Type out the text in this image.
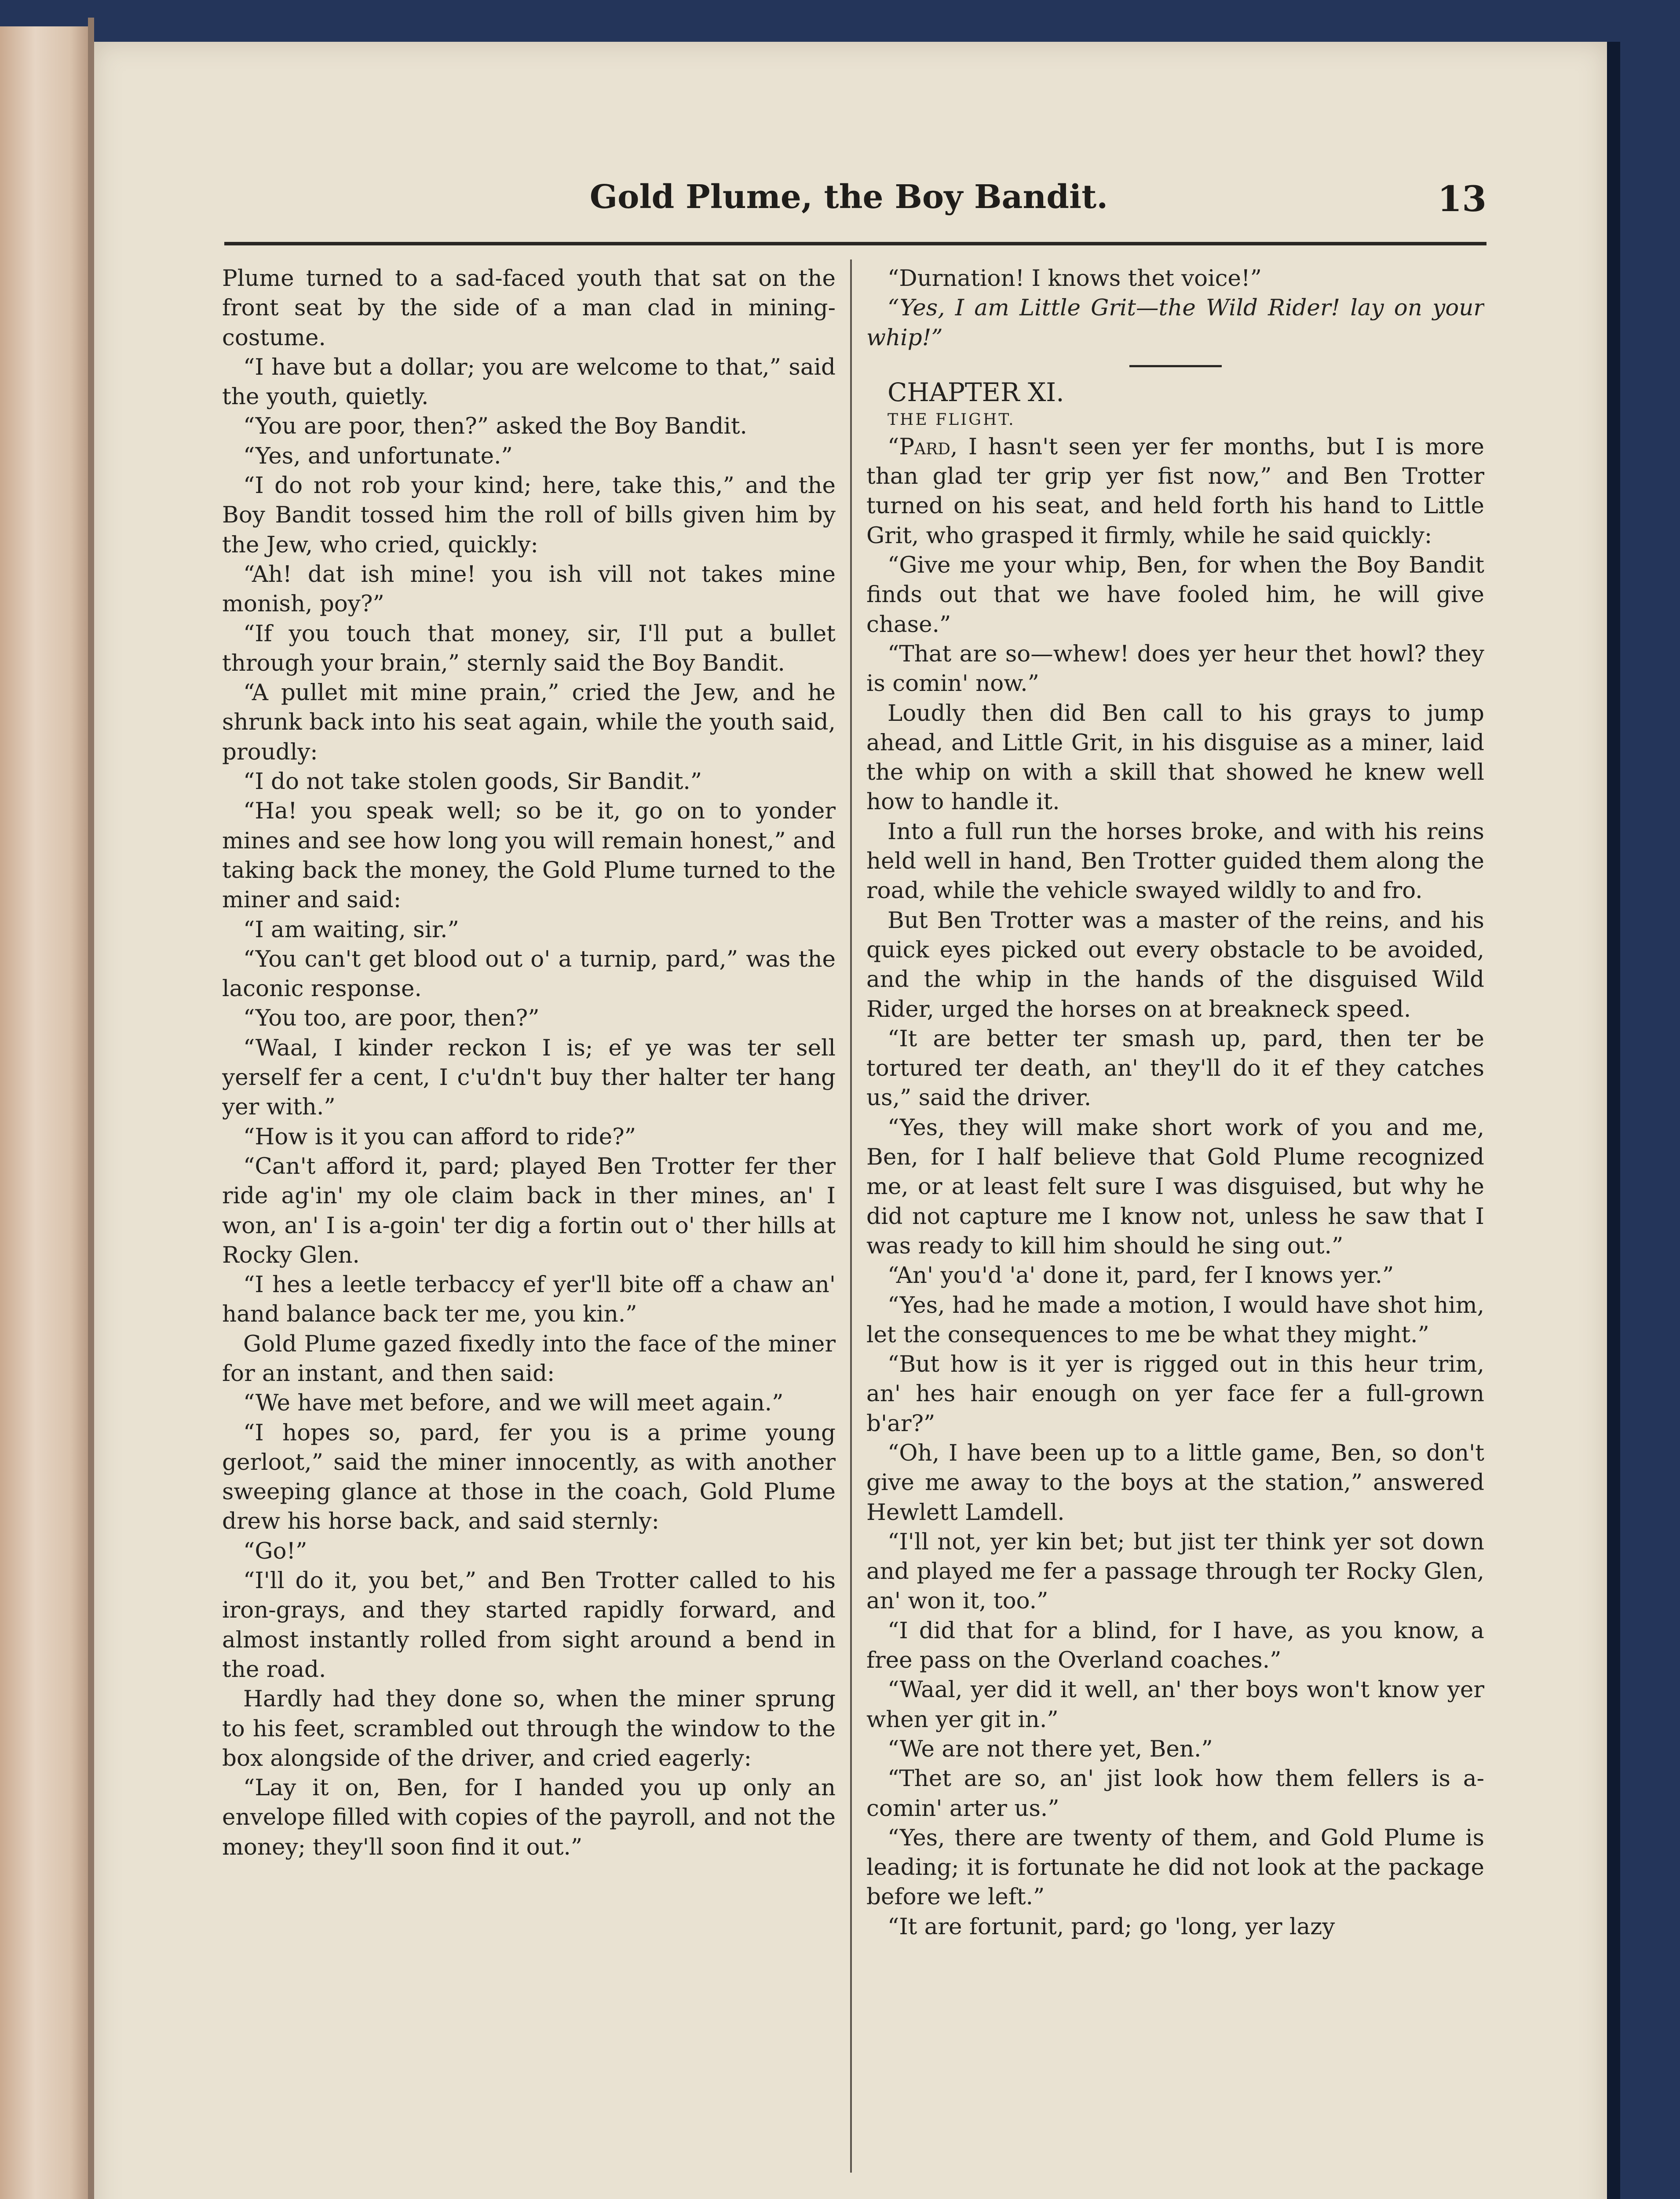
Gold Plume, the Boy Bandit.	13

Plume turned to a sad-faced youth that sat on the front seat by the side of a man clad in mining-costume.

“I have but a dollar; you are welcome to that,” said the youth, quietly.

“You are poor, then?” asked the Boy Bandit.

“Yes, and unfortunate.”

“I do not rob your kind; here, take this,” and the Boy Bandit tossed him the roll of bills given him by the Jew, who cried, quickly:

“Ah! dat ish mine! you ish vill not takes mine monish, poy?”

“If you touch that money, sir, I'll put a bullet through your brain,” sternly said the Boy Bandit.

“A pullet mit mine prain,” cried the Jew, and he shrunk back into his seat again, while the youth said, proudly:

“I do not take stolen goods, Sir Bandit.”

“Ha! you speak well; so be it, go on to yonder mines and see how long you will remain honest,” and taking back the money, the Gold Plume turned to the miner and said:

“I am waiting, sir.”

“You can't get blood out o' a turnip, pard,” was the laconic response.

“You too, are poor, then?”

“Waal, I kinder reckon I is; ef ye was ter sell yerself fer a cent, I c'u'dn't buy ther halter ter hang yer with.”

“How is it you can afford to ride?”

“Can't afford it, pard; played Ben Trotter fer ther ride ag'in' my ole claim back in ther mines, an' I won, an' I is a-goin' ter dig a fortin out o' ther hills at Rocky Glen.

“I hes a leetle terbaccy ef yer'll bite off a chaw an' hand balance back ter me, you kin.”

Gold Plume gazed fixedly into the face of the miner for an instant, and then said:

“We have met before, and we will meet again.”

“I hopes so, pard, fer you is a prime young gerloot,” said the miner innocently, as with another sweeping glance at those in the coach, Gold Plume drew his horse back, and said sternly:

“Go!”

“I'll do it, you bet,” and Ben Trotter called to his iron-grays, and they started rapidly forward, and almost instantly rolled from sight around a bend in the road.

Hardly had they done so, when the miner sprung to his feet, scrambled out through the window to the box alongside of the driver, and cried eagerly:

“Lay it on, Ben, for I handed you up only an envelope filled with copies of the payroll, and not the money; they'll soon find it out.”

“Durnation! I knows thet voice!”

“Yes, I am Little Grit—the Wild Rider! lay on your whip!”

CHAPTER XI.

THE FLIGHT.

“Pard, I hasn't seen yer fer months, but I is more than glad ter grip yer fist now,” and Ben Trotter turned on his seat, and held forth his hand to Little Grit, who grasped it firmly, while he said quickly:

“Give me your whip, Ben, for when the Boy Bandit finds out that we have fooled him, he will give chase.”

“That are so—whew! does yer heur thet howl? they is comin' now.”

Loudly then did Ben call to his grays to jump ahead, and Little Grit, in his disguise as a miner, laid the whip on with a skill that showed he knew well how to handle it.

Into a full run the horses broke, and with his reins held well in hand, Ben Trotter guided them along the road, while the vehicle swayed wildly to and fro.

But Ben Trotter was a master of the reins, and his quick eyes picked out every obstacle to be avoided, and the whip in the hands of the disguised Wild Rider, urged the horses on at breakneck speed.

“It are better ter smash up, pard, then ter be tortured ter death, an' they'll do it ef they catches us,” said the driver.

“Yes, they will make short work of you and me, Ben, for I half believe that Gold Plume recognized me, or at least felt sure I was disguised, but why he did not capture me I know not, unless he saw that I was ready to kill him should he sing out.”

“An' you'd 'a' done it, pard, fer I knows yer.”

“Yes, had he made a motion, I would have shot him, let the consequences to me be what they might.”

“But how is it yer is rigged out in this heur trim, an' hes hair enough on yer face fer a full-grown b'ar?”

“Oh, I have been up to a little game, Ben, so don't give me away to the boys at the station,” answered Hewlett Lamdell.

“I'll not, yer kin bet; but jist ter think yer sot down and played me fer a passage through ter Rocky Glen, an' won it, too.”

“I did that for a blind, for I have, as you know, a free pass on the Overland coaches.”

“Waal, yer did it well, an' ther boys won't know yer when yer git in.”

“We are not there yet, Ben.”

“Thet are so, an' jist look how them fellers is a-comin' arter us.”

“Yes, there are twenty of them, and Gold Plume is leading; it is fortunate he did not look at the package before we left.”

“It are fortunit, pard; go 'long, yer lazy
